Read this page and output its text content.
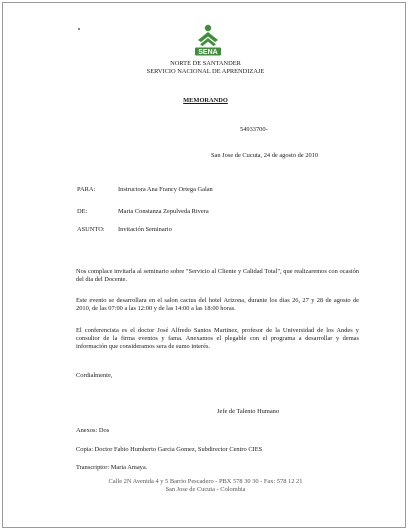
SENA
NORTE DE SANTANDER
SERVICIO NACIONAL DE APRENDIZAJE
MEMORANDO
54933700-
San Jose de Cucuta, 24 de agosto de 2010
PARA:	Instructora Ana Francy Ortega Galan
DE:	Maria Constanza Zepulveda Rivera
ASUNTO: Invitación Seminario
Nos complace invitarla al seminario sobre "Servicio al Cliente y Calidad Total", que realizaremos con ocasión del dia del Docente.
Este evento se desarrollara en el salon cactus del hotel Arizona, durante los dias 26, 27 y 28 de agosto de 2010, de las 07:00 a las 12:00 y de las 14:00 a las 18:00 horas.
El conferencista es el doctor José Alfredo Santos Martinez, profesor de la Universidad de los Andes y consultor de la firma eventos y fama. Anexamos el plegable con el programa a desarrollar y demas información que consideramos sera de sumo interés.
Cordialmente,
Jefe de Talento Humano
Anexos: Dos
Copia: Doctor Fabio Humberto Garcia Gomez, Subdirector Centro CIES
Transcriptor: Maria Amaya.
Calle 2N Avenida 4 y 5 Barrio Pescadero - PBX 578 30 30 - Fax: 578 12 21
San Jose de Cucuta - Colombia
